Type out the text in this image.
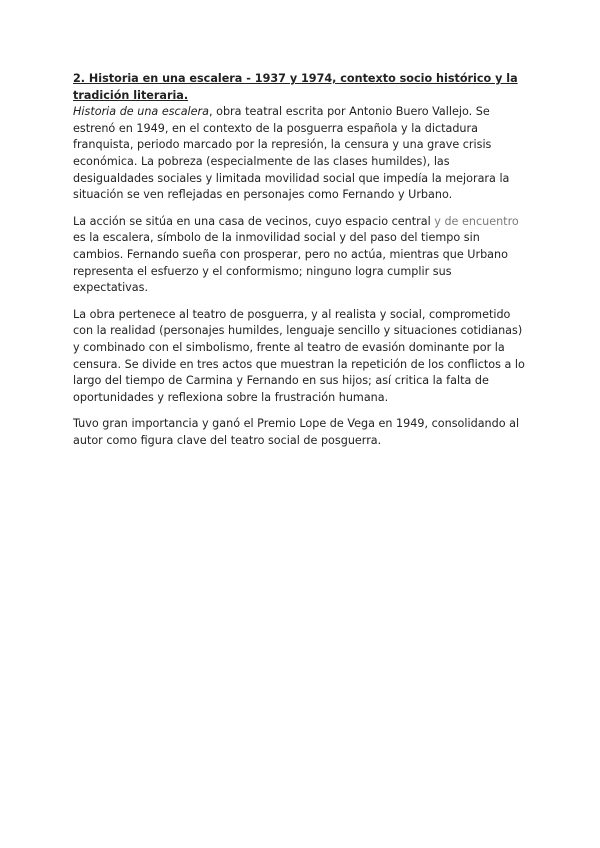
2. Historia en una escalera - 1937 y 1974, contexto socio histórico y la tradición literaria.

Historia de una escalera, obra teatral escrita por Antonio Buero Vallejo. Se estrenó en 1949, en el contexto de la posguerra española y la dictadura franquista, periodo marcado por la represión, la censura y una grave crisis económica. La pobreza (especialmente de las clases humildes), las desigualdades sociales y limitada movilidad social que impedía la mejorara la situación se ven reflejadas en personajes como Fernando y Urbano.

La acción se sitúa en una casa de vecinos, cuyo espacio central y de encuentro es la escalera, símbolo de la inmovilidad social y del paso del tiempo sin cambios. Fernando sueña con prosperar, pero no actúa, mientras que Urbano representa el esfuerzo y el conformismo; ninguno logra cumplir sus expectativas.

La obra pertenece al teatro de posguerra, y al realista y social, comprometido con la realidad (personajes humildes, lenguaje sencillo y situaciones cotidianas) y combinado con el simbolismo, frente al teatro de evasión dominante por la censura. Se divide en tres actos que muestran la repetición de los conflictos a lo largo del tiempo de Carmina y Fernando en sus hijos; así critica la falta de oportunidades y reflexiona sobre la frustración humana.

Tuvo gran importancia y ganó el Premio Lope de Vega en 1949, consolidando al autor como figura clave del teatro social de posguerra.
